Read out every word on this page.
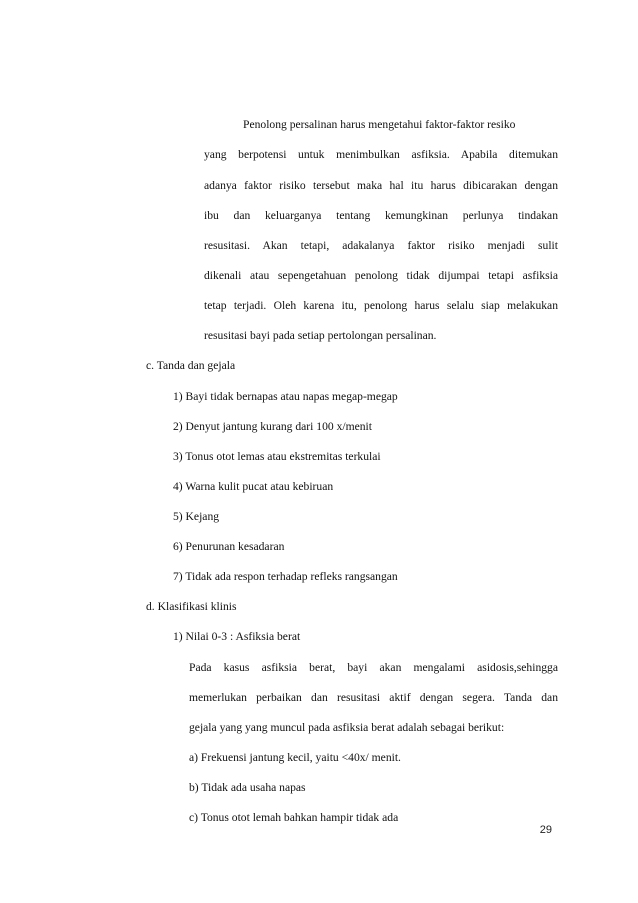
Penolong persalinan harus mengetahui faktor-faktor resiko
yang berpotensi untuk menimbulkan asfiksia. Apabila ditemukan
adanya faktor risiko tersebut maka hal itu harus dibicarakan dengan
ibu dan keluarganya tentang kemungkinan perlunya tindakan
resusitasi. Akan tetapi, adakalanya faktor risiko menjadi sulit
dikenali atau sepengetahuan penolong tidak dijumpai tetapi asfiksia
tetap terjadi. Oleh karena itu, penolong harus selalu siap melakukan
resusitasi bayi pada setiap pertolongan persalinan.
c. Tanda dan gejala
1) Bayi tidak bernapas atau napas megap-megap
2) Denyut jantung kurang dari 100 x/menit
3) Tonus otot lemas atau ekstremitas terkulai
4) Warna kulit pucat atau kebiruan
5) Kejang
6) Penurunan kesadaran
7) Tidak ada respon terhadap refleks rangsangan
d. Klasifikasi klinis
1) Nilai 0-3 : Asfiksia berat
Pada kasus asfiksia berat, bayi akan mengalami asidosis,sehingga
memerlukan perbaikan dan resusitasi aktif dengan segera. Tanda dan
gejala yang yang muncul pada asfiksia berat adalah sebagai berikut:
a) Frekuensi jantung kecil, yaitu <40x/ menit.
b) Tidak ada usaha napas
c) Tonus otot lemah bahkan hampir tidak ada
29
